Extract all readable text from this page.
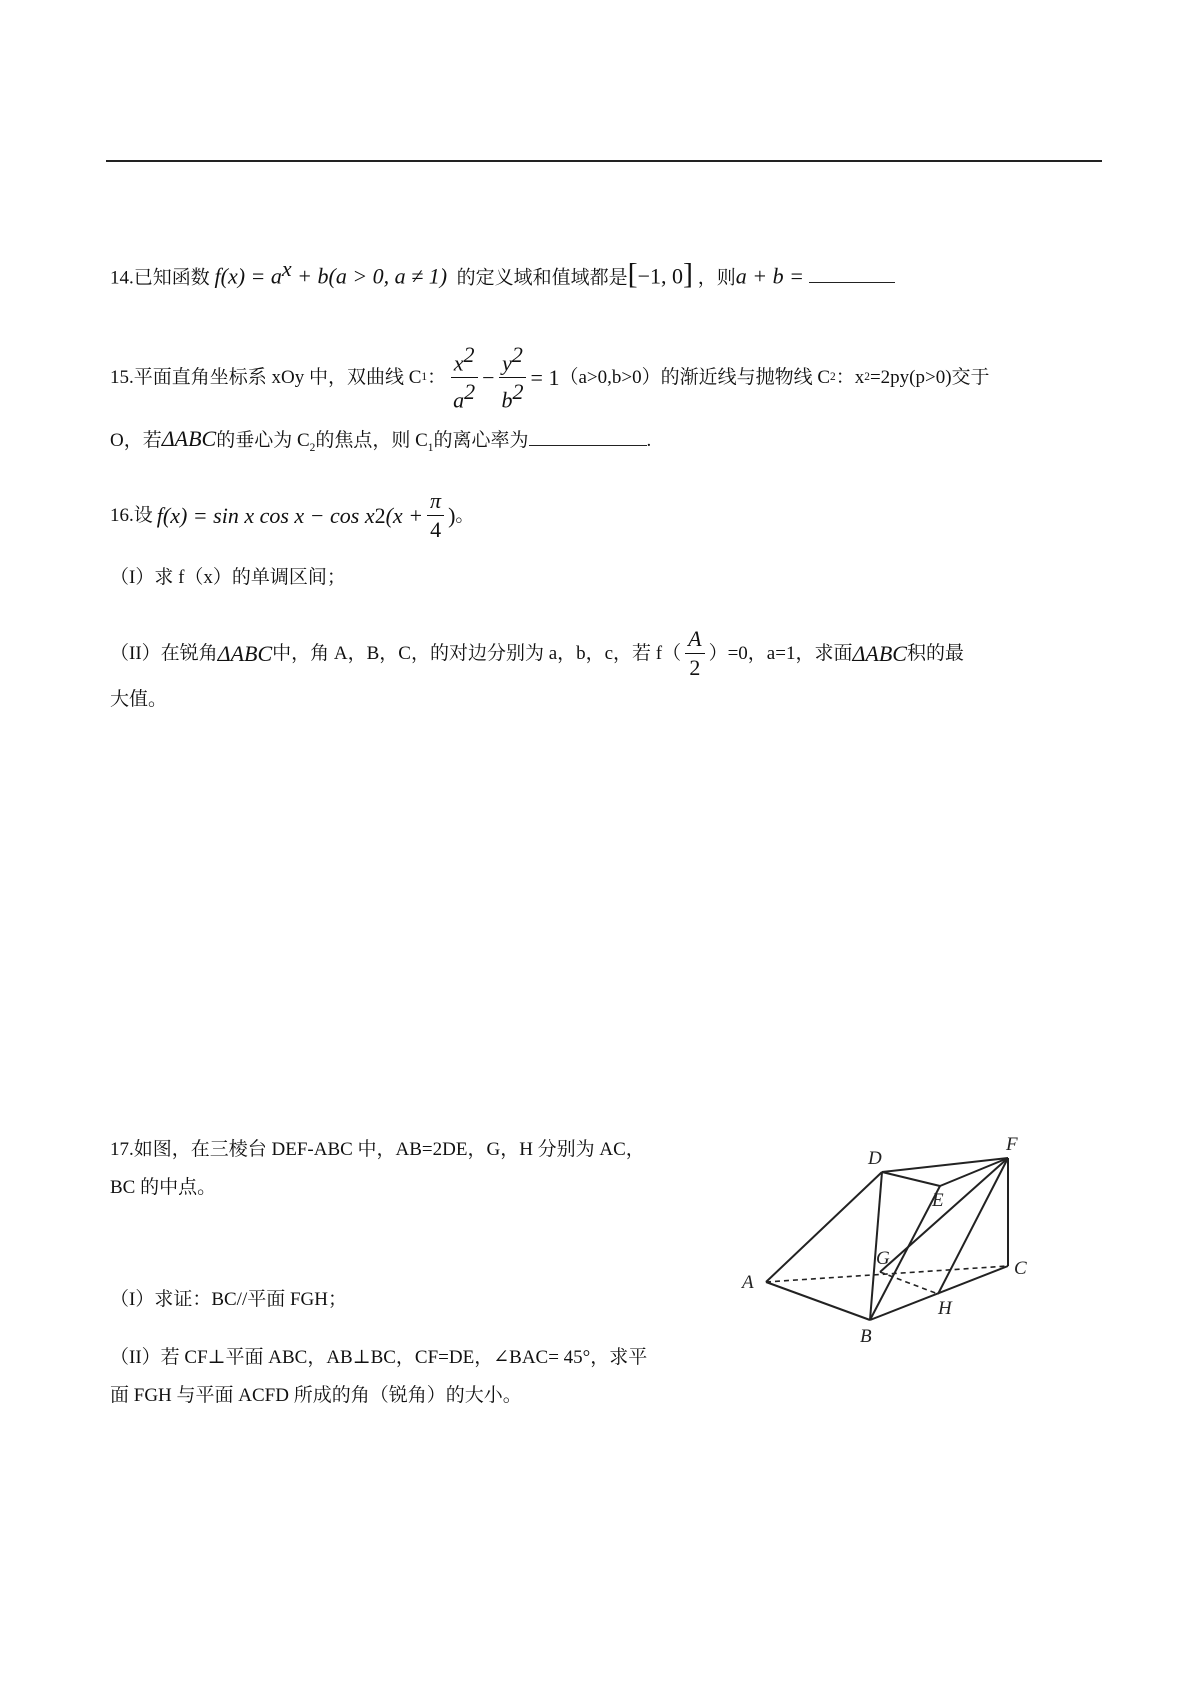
14.已知函数 $f(x) = a^x + b(a > 0$, a ≠ 1) 的定义域和值域都是[−1, 0] ，则a + b =
15. 平面直角坐标系 xOy 中，双曲线 C 1 ： $\frac{x^2}{a^2} - \frac{y^2}{b^2} = 1$ （a>0,b>0）的渐近线与抛物线 C 2 ：x 2 =2py(p>0)交于
O，若ΔABC的垂心为 $C_2$的焦点，则 $C_1$的离心率为	.
16.设 f(x) = sin x cos x − cos x 2 ($x + \frac{\pi}{4}$ ) 。
（I）求 f（x）的单调区间；
（II）在锐角 ΔABC 中，角 A，B，C，的对边分别为 a，b，c，若 $f( \frac{A}{2} )=0$，a=1，求面 ΔABC 积的最
大值。
17.如图，在三棱台 DEF-ABC 中，AB=2DE，G，H 分别为 AC，
BC 的中点。
（I）求证：BC//平面 FGH；
（II）若 CF⊥平面 ABC，AB⊥BC，CF=DE，∠BAC= 45°，求平
面 FGH 与平面 ACFD 所成的角（锐角）的大小。
D
E
F
A
B
C
G
H
